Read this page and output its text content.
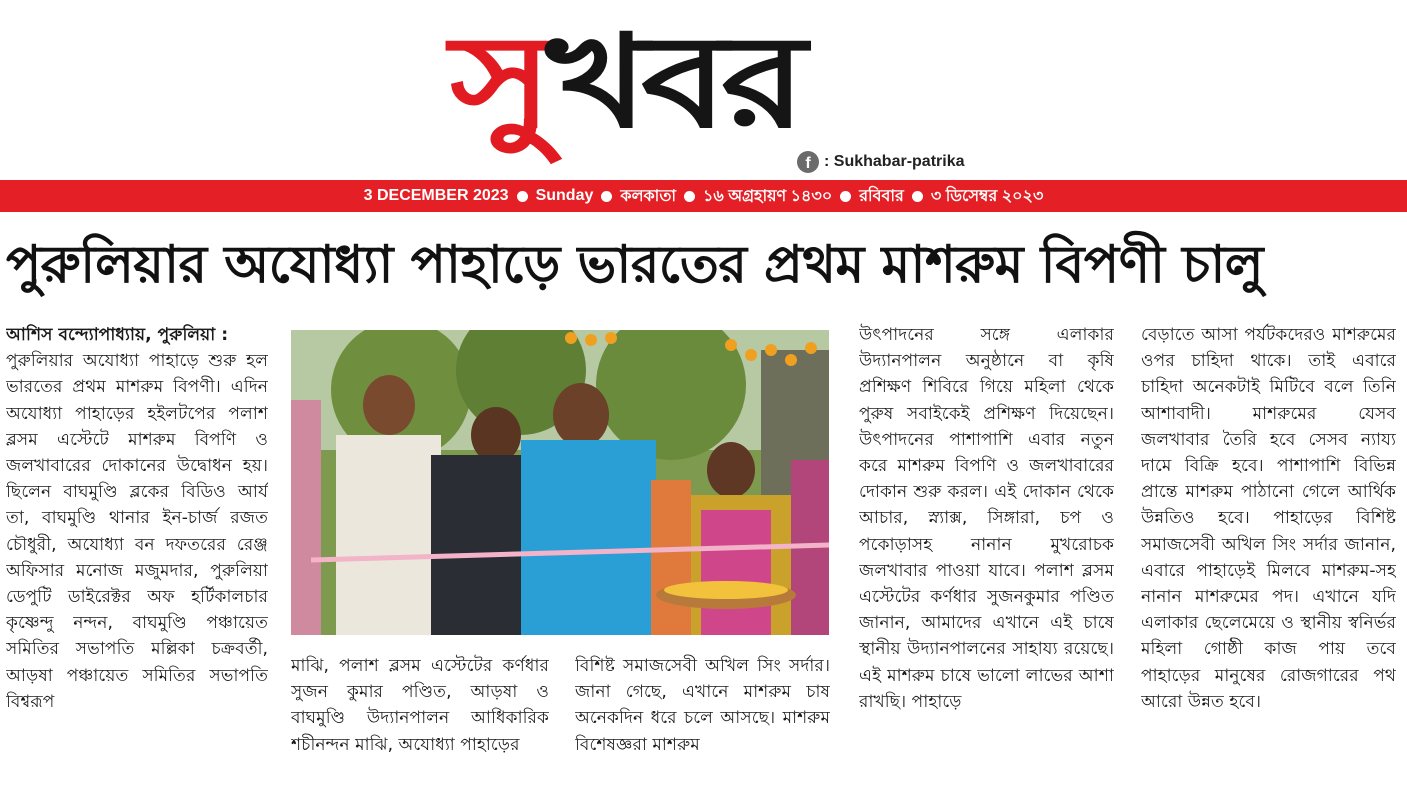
সুখবর
f : Sukhabar-patrika
3 DECEMBER 2023 Sunday কলকাতা ১৬ অগ্রহায়ণ ১৪৩০ রবিবার ৩ ডিসেম্বর ২০২৩
পুরুলিয়ার অযোধ্যা পাহাড়ে ভারতের প্রথম মাশরুম বিপণী চালু

আশিস বন্দ্যোপাধ্যায়, পুরুলিয়া :

পুরুলিয়ার অযোধ্যা পাহাড়ে শুরু হল ভারতের প্রথম মাশরুম বিপণী। এদিন অযোধ্যা পাহাড়ের হইলটপের পলাশ ব্লসম এস্টেটে মাশরুম বিপণি ও জলখাবারের দোকানের উদ্বোধন হয়। ছিলেন বাঘমুণ্ডি ব্লকের বিডিও আর্য তা, বাঘমুণ্ডি থানার ইন-চার্জ রজত চৌধুরী, অযোধ্যা বন দফতরের রেঞ্জ অফিসার মনোজ মজুমদার, পুরুলিয়া ডেপুটি ডাইরেক্টর অফ হর্টিকালচার কৃষ্ণেন্দু নন্দন, বাঘমুণ্ডি পঞ্চায়েত সমিতির সভাপতি মল্লিকা চক্রবর্তী, আড়ষা পঞ্চায়েত সমিতির সভাপতি বিশ্বরূপ

মাঝি, পলাশ ব্লসম এস্টেটের কর্ণধার সুজন কুমার পণ্ডিত, আড়ষা ও বাঘমুণ্ডি উদ্যানপালন আধিকারিক শচীনন্দন মাঝি, অযোধ্যা পাহাড়ের

বিশিষ্ট সমাজসেবী অখিল সিং সর্দার। জানা গেছে, এখানে মাশরুম চাষ অনেকদিন ধরে চলে আসছে। মাশরুম বিশেষজ্ঞরা মাশরুম

উৎপাদনের সঙ্গে এলাকার উদ্যানপালন অনুষ্ঠানে বা কৃষি প্রশিক্ষণ শিবিরে গিয়ে মহিলা থেকে পুরুষ সবাইকেই প্রশিক্ষণ দিয়েছেন। উৎপাদনের পাশাপাশি এবার নতুন করে মাশরুম বিপণি ও জলখাবারের দোকান শুরু করল। এই দোকান থেকে আচার, স্ন্যাক্স, সিঙ্গারা, চপ ও পকোড়াসহ নানান মুখরোচক জলখাবার পাওয়া যাবে। পলাশ ব্লসম এস্টেটের কর্ণধার সুজনকুমার পণ্ডিত জানান, আমাদের এখানে এই চাষে স্থানীয় উদ্যানপালনের সাহায্য রয়েছে। এই মাশরুম চাষে ভালো লাভের আশা রাখছি। পাহাড়ে

বেড়াতে আসা পর্যটকদেরও মাশরুমের ওপর চাহিদা থাকে। তাই এবারে চাহিদা অনেকটাই মিটিবে বলে তিনি আশাবাদী। মাশরুমের যেসব জলখাবার তৈরি হবে সেসব ন্যায্য দামে বিক্রি হবে। পাশাপাশি বিভিন্ন প্রান্তে মাশরুম পাঠানো গেলে আর্থিক উন্নতিও হবে। পাহাড়ের বিশিষ্ট সমাজসেবী অখিল সিং সর্দার জানান, এবারে পাহাড়েই মিলবে মাশরুম-সহ নানান মাশরুমের পদ। এখানে যদি এলাকার ছেলেমেয়ে ও স্থানীয় স্বনির্ভর মহিলা গোষ্ঠী কাজ পায় তবে পাহাড়ের মানুষের রোজগারের পথ আরো উন্নত হবে।
